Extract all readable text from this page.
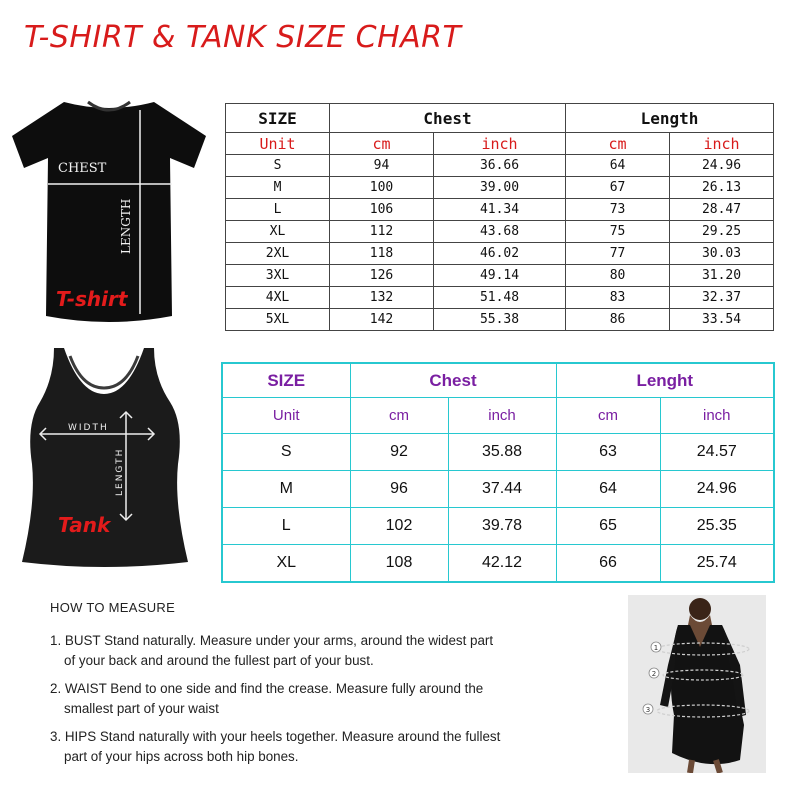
T-SHIRT & TANK SIZE CHART
CHEST
LENGTH
T-shirt
WIDTH
LENGTH
Tank
SIZE	Chest		Length	
Unit	cm	inch	cm	inch
S	94	36.66	64	24.96
M	100	39.00	67	26.13
L	106	41.34	73	28.47
XL	112	43.68	75	29.25
2XL	118	46.02	77	30.03
3XL	126	49.14	80	31.20
4XL	132	51.48	83	32.37
5XL	142	55.38	86	33.54
SIZE	Chest		Lenght	
Unit	cm	inch	cm	inch
S	92	35.88	63	24.57
M	96	37.44	64	24.96
L	102	39.78	65	25.35
XL	108	42.12	66	25.74
HOW TO MEASURE
1. BUST Stand naturally. Measure under your arms, around the widest part
of your back and around the fullest part of your bust.
2. WAIST Bend to one side and find the crease. Measure fully around the
smallest part of your waist
3. HIPS Stand naturally with your heels together. Measure around the fullest
part of your hips across both hip bones.
1
2
3
